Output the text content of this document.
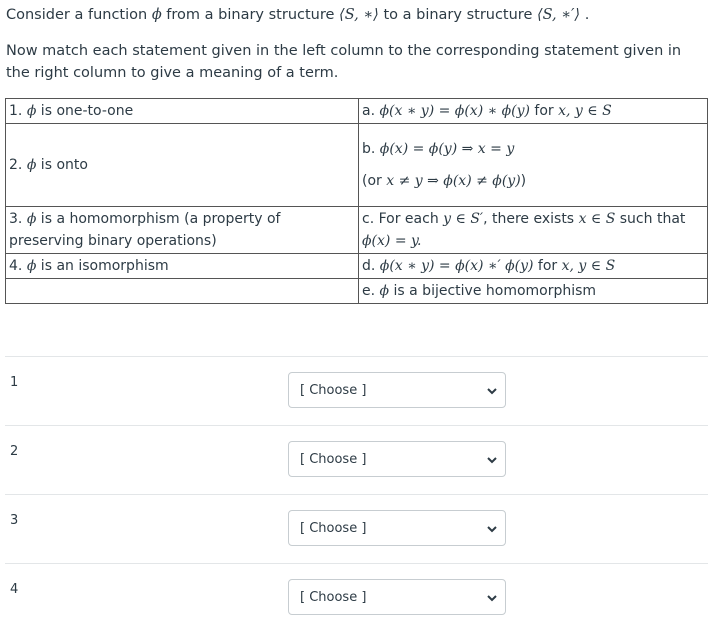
Consider a function ϕ from a binary structure ⟨S, ∗⟩ to a binary structure ⟨S, ∗′⟩ .

Now match each statement given in the left column to the corresponding statement given in the right column to give a meaning of a term.

1. ϕ is one-to-one	a. ϕ(x ∗ y) = ϕ(x) ∗ ϕ(y) for x, y ∈ S
2. ϕ is onto	b. ϕ(x) = ϕ(y) ⇒ x = y
(or x ≠ y ⇒ ϕ(x) ≠ ϕ(y))

3. ϕ is a homomorphism (a property of preserving binary operations)	c. For each y ∈ S′, there exists x ∈ S such that ϕ(x) = y.
4. ϕ is an isomorphism	d. ϕ(x ∗ y) = ϕ(x) ∗′ ϕ(y) for x, y ∈ S
	e. ϕ is a bijective homomorphism
1	[ Choose ]
2	[ Choose ]
3	[ Choose ]
4	[ Choose ]
